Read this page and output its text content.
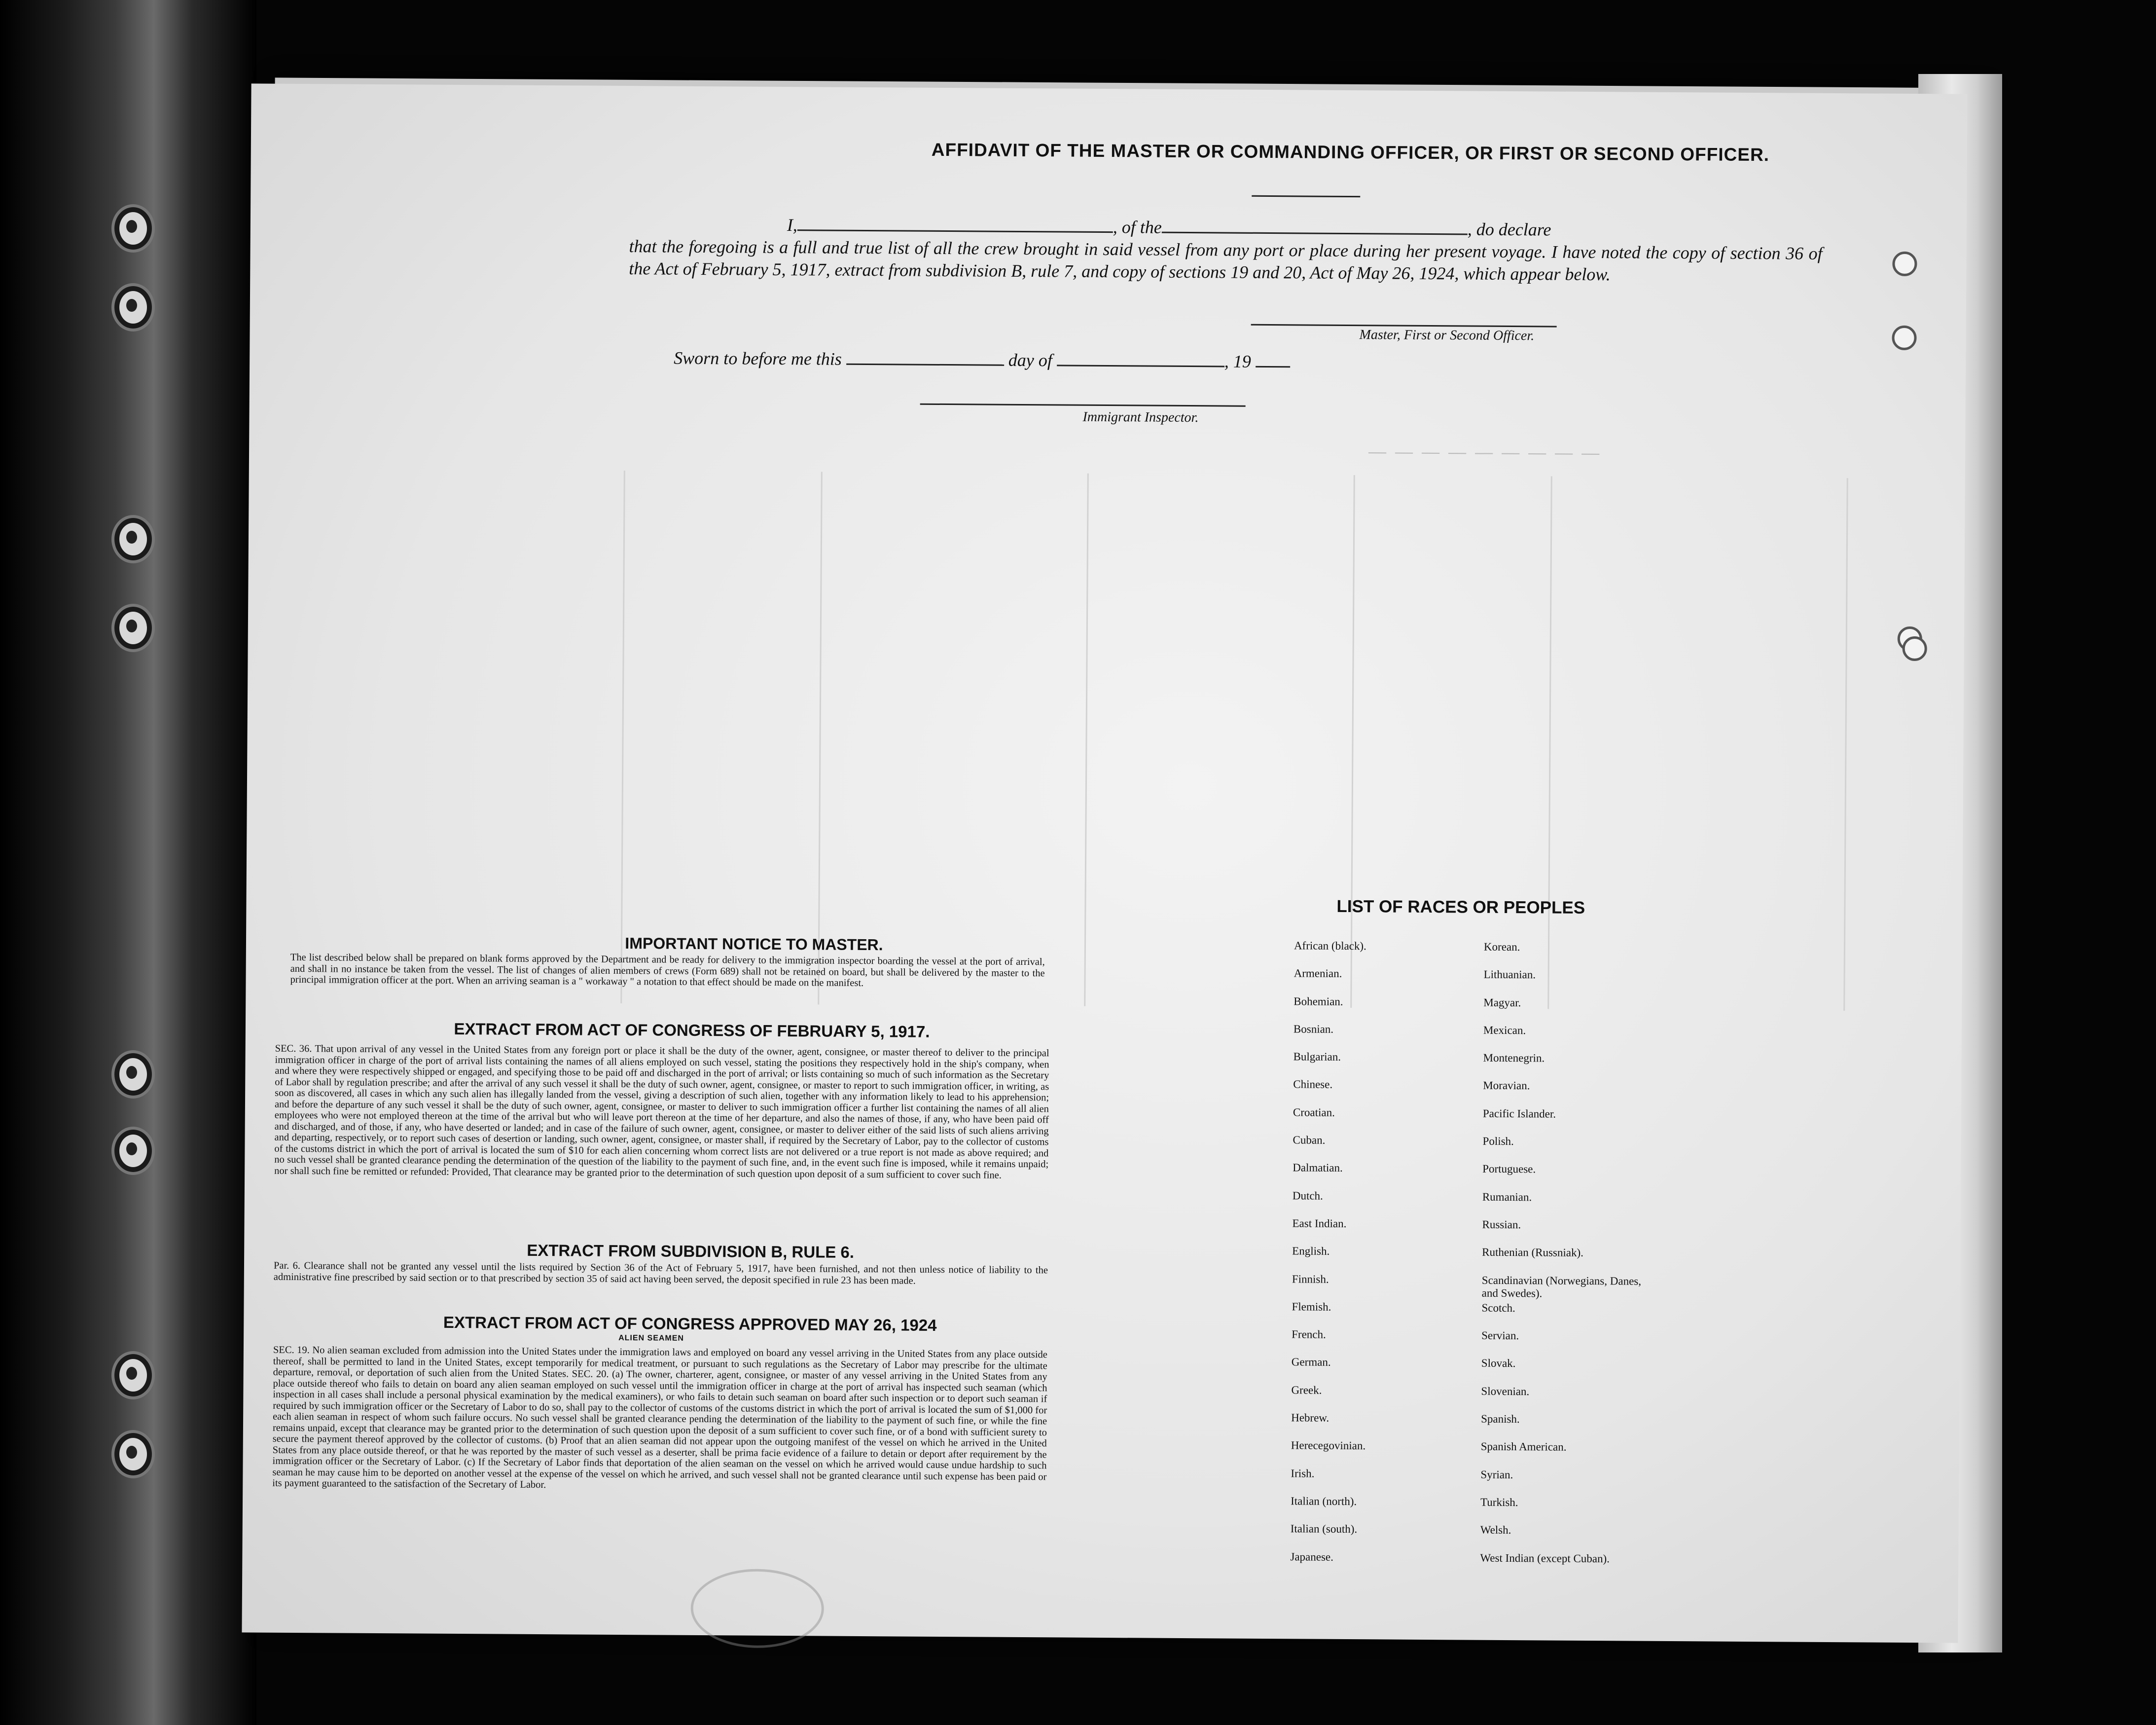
── ── ── ── ── ── ── ── ──
AFFIDAVIT OF THE MASTER OR COMMANDING OFFICER, OR FIRST OR SECOND OFFICER.
I,	, of the	, do declare
that the foregoing is a full and true list of all the crew brought in said vessel from any port or place during her present voyage. I have noted the copy of section 36 of the Act of February 5, 1917, extract from subdivision B, rule 7, and copy of sections 19 and 20, Act of May 26, 1924, which appear below.
Master, First or Second Officer.
Sworn to before me this	day of	, 19
Immigrant Inspector.
IMPORTANT NOTICE TO MASTER.
The list described below shall be prepared on blank forms approved by the Department and be ready for delivery to the immigration inspector boarding the vessel at the port of arrival, and shall in no instance be taken from the vessel. The list of changes of alien members of crews (Form 689) shall not be retained on board, but shall be delivered by the master to the principal immigration officer at the port. When an arriving seaman is a " workaway " a notation to that effect should be made on the manifest.
EXTRACT FROM ACT OF CONGRESS OF FEBRUARY 5, 1917.
SEC. 36. That upon arrival of any vessel in the United States from any foreign port or place it shall be the duty of the owner, agent, consignee, or master thereof to deliver to the principal immigration officer in charge of the port of arrival lists containing the names of all aliens employed on such vessel, stating the positions they respectively hold in the ship's company, when and where they were respectively shipped or engaged, and specifying those to be paid off and discharged in the port of arrival; or lists containing so much of such information as the Secretary of Labor shall by regulation prescribe; and after the arrival of any such vessel it shall be the duty of such owner, agent, consignee, or master to report to such immigration officer, in writing, as soon as discovered, all cases in which any such alien has illegally landed from the vessel, giving a description of such alien, together with any information likely to lead to his apprehension; and before the departure of any such vessel it shall be the duty of such owner, agent, consignee, or master to deliver to such immigration officer a further list containing the names of all alien employees who were not employed thereon at the time of the arrival but who will leave port thereon at the time of her departure, and also the names of those, if any, who have been paid off and discharged, and of those, if any, who have deserted or landed; and in case of the failure of such owner, agent, consignee, or master to deliver either of the said lists of such aliens arriving and departing, respectively, or to report such cases of desertion or landing, such owner, agent, consignee, or master shall, if required by the Secretary of Labor, pay to the collector of customs of the customs district in which the port of arrival is located the sum of $10 for each alien concerning whom correct lists are not delivered or a true report is not made as above required; and no such vessel shall be granted clearance pending the determination of the question of the liability to the payment of such fine, and, in the event such fine is imposed, while it remains unpaid; nor shall such fine be remitted or refunded: Provided, That clearance may be granted prior to the determination of such question upon deposit of a sum sufficient to cover such fine.
EXTRACT FROM SUBDIVISION B, RULE 6.
Par. 6. Clearance shall not be granted any vessel until the lists required by Section 36 of the Act of February 5, 1917, have been furnished, and not then unless notice of liability to the administrative fine prescribed by said section or to that prescribed by section 35 of said act having been served, the deposit specified in rule 23 has been made.
EXTRACT FROM ACT OF CONGRESS APPROVED MAY 26, 1924
ALIEN SEAMEN
SEC. 19. No alien seaman excluded from admission into the United States under the immigration laws and employed on board any vessel arriving in the United States from any place outside thereof, shall be permitted to land in the United States, except temporarily for medical treatment, or pursuant to such regulations as the Secretary of Labor may prescribe for the ultimate departure, removal, or deportation of such alien from the United States. SEC. 20. (a) The owner, charterer, agent, consignee, or master of any vessel arriving in the United States from any place outside thereof who fails to detain on board any alien seaman employed on such vessel until the immigration officer in charge at the port of arrival has inspected such seaman (which inspection in all cases shall include a personal physical examination by the medical examiners), or who fails to detain such seaman on board after such inspection or to deport such seaman if required by such immigration officer or the Secretary of Labor to do so, shall pay to the collector of customs of the customs district in which the port of arrival is located the sum of $1,000 for each alien seaman in respect of whom such failure occurs. No such vessel shall be granted clearance pending the determination of the liability to the payment of such fine, or while the fine remains unpaid, except that clearance may be granted prior to the determination of such question upon the deposit of a sum sufficient to cover such fine, or of a bond with sufficient surety to secure the payment thereof approved by the collector of customs. (b) Proof that an alien seaman did not appear upon the outgoing manifest of the vessel on which he arrived in the United States from any place outside thereof, or that he was reported by the master of such vessel as a deserter, shall be prima facie evidence of a failure to detain or deport after requirement by the immigration officer or the Secretary of Labor. (c) If the Secretary of Labor finds that deportation of the alien seaman on the vessel on which he arrived would cause undue hardship to such seaman he may cause him to be deported on another vessel at the expense of the vessel on which he arrived, and such vessel shall not be granted clearance until such expense has been paid or its payment guaranteed to the satisfaction of the Secretary of Labor.
LIST OF RACES OR PEOPLES
African (black).
Armenian.
Bohemian.
Bosnian.
Bulgarian.
Chinese.
Croatian.
Cuban.
Dalmatian.
Dutch.
East Indian.
English.
Finnish.
Flemish.
French.
German.
Greek.
Hebrew.
Herecegovinian.
Irish.
Italian (north).
Italian (south).
Japanese.
Korean.
Lithuanian.
Magyar.
Mexican.
Montenegrin.
Moravian.
Pacific Islander.
Polish.
Portuguese.
Rumanian.
Russian.
Ruthenian (Russniak).
Scandinavian (Norwegians, Danes, and Swedes).
Scotch.
Servian.
Slovak.
Slovenian.
Spanish.
Spanish American.
Syrian.
Turkish.
Welsh.
West Indian (except Cuban).
